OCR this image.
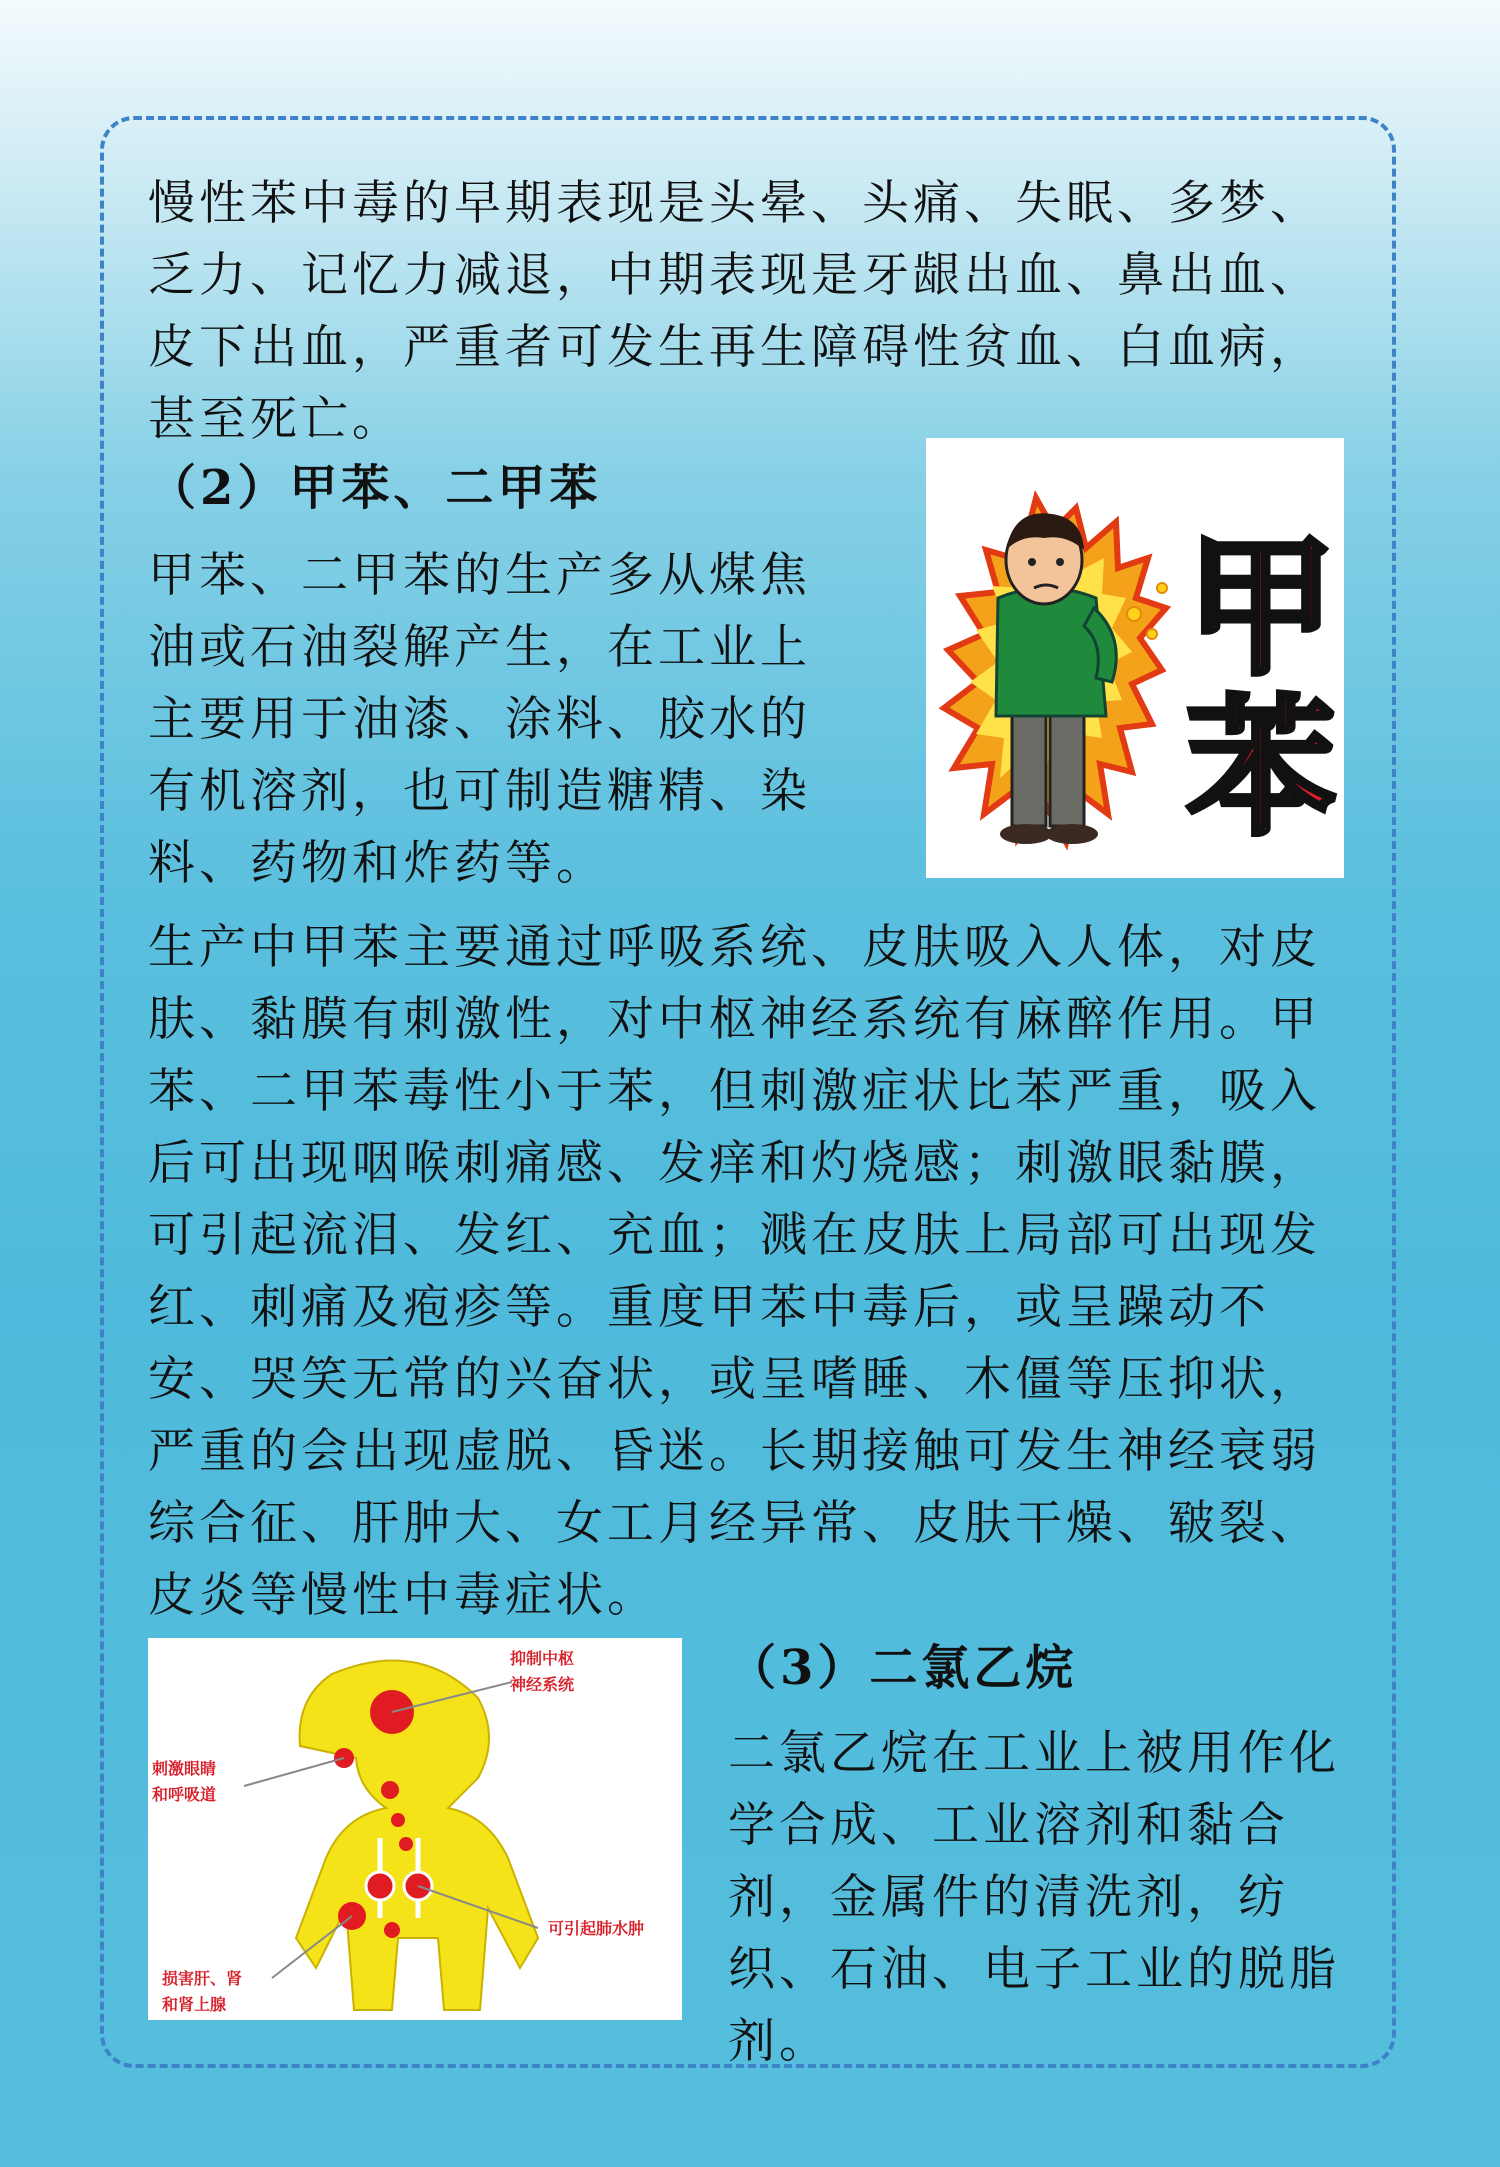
慢性苯中毒的早期表现是头晕、头痛、失眠、多梦、乏力、记忆力减退，中期表现是牙龈出血、鼻出血、皮下出血，严重者可发生再生障碍性贫血、白血病，甚至死亡。

（2）甲苯、二甲苯

甲苯、二甲苯的生产多从煤焦油或石油裂解产生，在工业上主要用于油漆、涂料、胶水的有机溶剂，也可制造糖精、染料、药物和炸药等。

甲苯

生产中甲苯主要通过呼吸系统、皮肤吸入人体，对皮肤、黏膜有刺激性，对中枢神经系统有麻醉作用。甲苯、二甲苯毒性小于苯，但刺激症状比苯严重，吸入后可出现咽喉刺痛感、发痒和灼烧感；刺激眼黏膜，可引起流泪、发红、充血；溅在皮肤上局部可出现发红、刺痛及疱疹等。重度甲苯中毒后，或呈躁动不安、哭笑无常的兴奋状，或呈嗜睡、木僵等压抑状，严重的会出现虚脱、昏迷。长期接触可发生神经衰弱综合征、肝肿大、女工月经异常、皮肤干燥、皲裂、皮炎等慢性中毒症状。

抑制中枢
神经系统
刺激眼睛
和呼吸道
可引起肺水肿
损害肝、肾
和肾上腺
（3）二氯乙烷

二氯乙烷在工业上被用作化学合成、工业溶剂和黏合剂，金属件的清洗剂，纺织、石油、电子工业的脱脂剂。
